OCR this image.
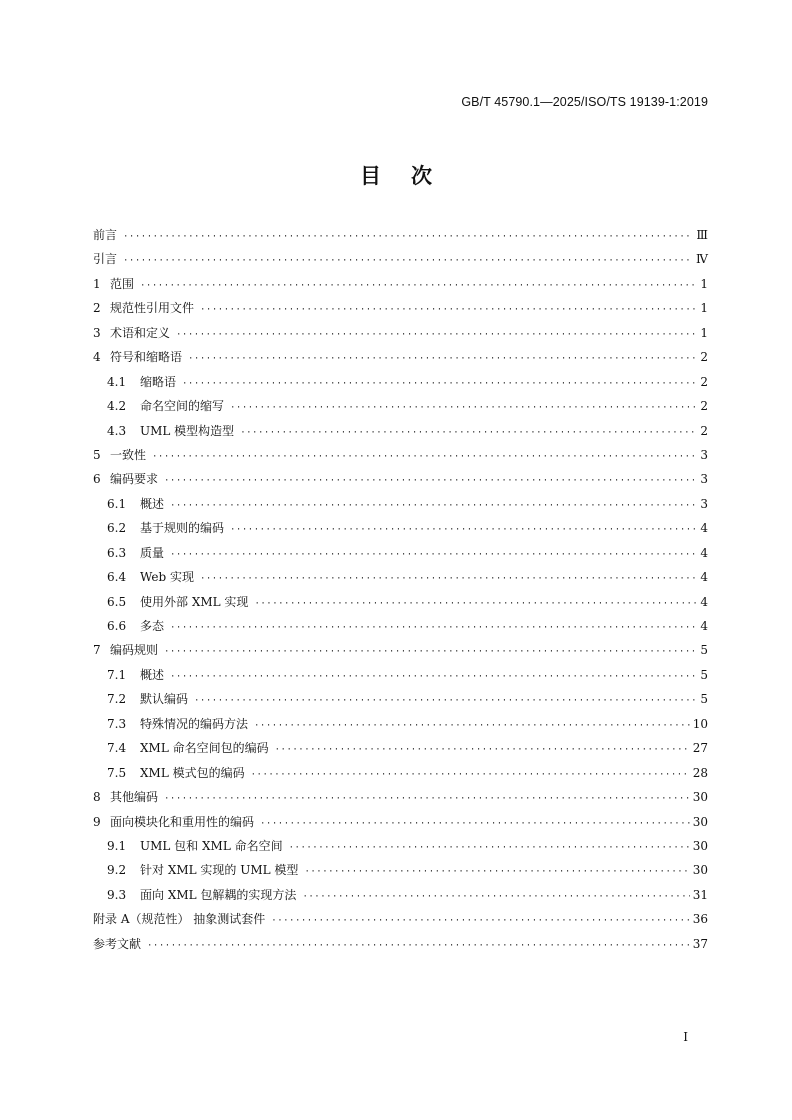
GB/T 45790.1—2025/ISO/TS 19139-1:2019
目次
前言 ·····	Ⅲ
引言 ·····	Ⅳ
1 范围 ·····	1
2 规范性引用文件 ·····	1
3 术语和定义 ·····	1
4 符号和缩略语 ·····	2
4.1	缩略语 ·····	2
4.2	命名空间的缩写 ·····	2
4.3	UML 模型构造型 ·····	2
5 一致性 ·····	3
6 编码要求 ·····	3
6.1	概述 ·····	3
6.2	基于规则的编码 ·····	4
6.3	质量 ·····	4
6.4	Web 实现 ·····	4
6.5	使用外部 XML 实现 ·····	4
6.6	多态 ·····	4
7 编码规则 ·····	5
7.1	概述 ·····	5
7.2	默认编码 ·····	5
7.3	特殊情况的编码方法 ·····	10
7.4	XML 命名空间包的编码 ·····	27
7.5	XML 模式包的编码 ·····	28
8 其他编码 ·····	30
9 面向模块化和重用性的编码 ·····	30
9.1	UML 包和 XML 命名空间 ·····	30
9.2	针对 XML 实现的 UML 模型 ·····	30
9.3	面向 XML 包解耦的实现方法 ·····	31
附录 A（规范性） 抽象测试套件 ·····	36
参考文献 ·····	37
I
